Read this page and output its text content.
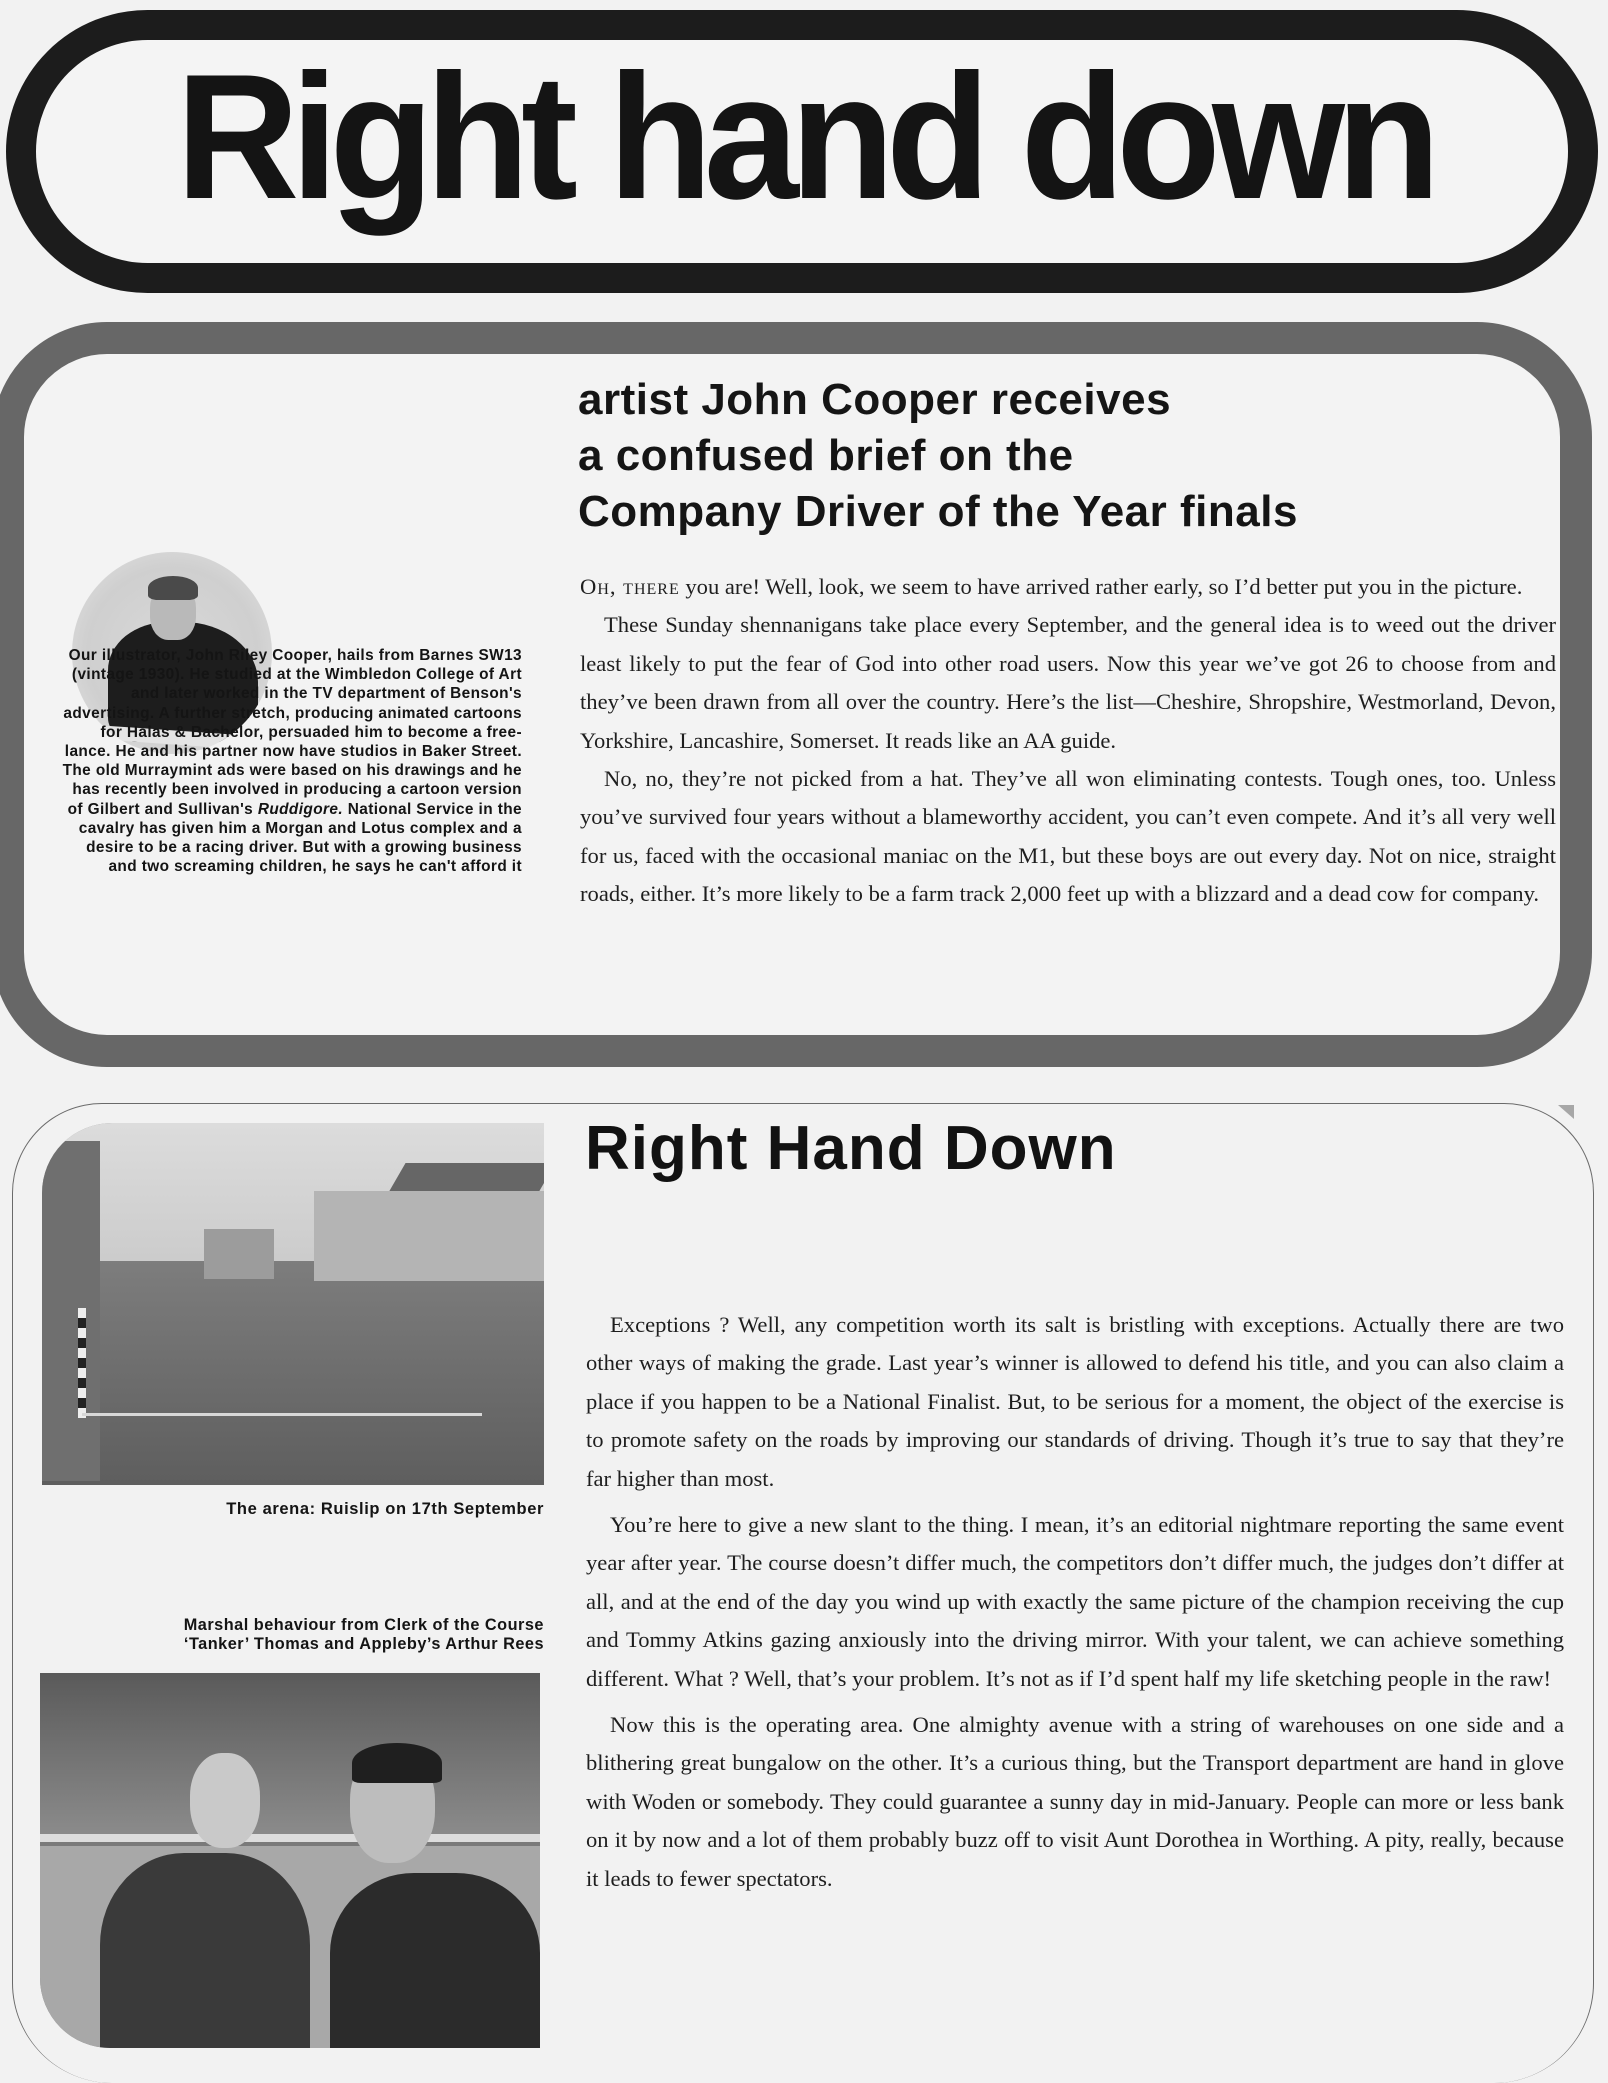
Right hand down
artist John Cooper receives
a confused brief on the
Company Driver of the Year finals
Our illustrator, John Riley Cooper, hails from Barnes SW13 (vintage 1930). He studied at the Wimbledon College of Art and later worked in the TV department of Benson's advertising. A further stretch, producing animated cartoons for Halas & Bachelor, persuaded him to become a free-lance. He and his partner now have studios in Baker Street. The old Murraymint ads were based on his drawings and he has recently been involved in producing a cartoon version of Gilbert and Sullivan's Ruddigore. National Service in the cavalry has given him a Morgan and Lotus complex and a desire to be a racing driver. But with a growing business and two screaming children, he says he can't afford it

Oh, there you are! Well, look, we seem to have arrived rather early, so I’d better put you in the picture.

These Sunday shennanigans take place every September, and the general idea is to weed out the driver least likely to put the fear of God into other road users. Now this year we’ve got 26 to choose from and they’ve been drawn from all over the country. Here’s the list—Cheshire, Shropshire, Westmorland, Devon, Yorkshire, Lancashire, Somerset. It reads like an AA guide.

No, no, they’re not picked from a hat. They’ve all won eliminating contests. Tough ones, too. Unless you’ve survived four years without a blameworthy accident, you can’t even compete. And it’s all very well for us, faced with the occasional maniac on the M1, but these boys are out every day. Not on nice, straight roads, either. It’s more likely to be a farm track 2,000 feet up with a blizzard and a dead cow for company.

Right Hand Down
The arena: Ruislip on 17th September
Marshal behaviour from Clerk of the Course
‘Tanker’ Thomas and Appleby’s Arthur Rees

Exceptions ? Well, any competition worth its salt is bristling with exceptions. Actually there are two other ways of making the grade. Last year’s winner is allowed to defend his title, and you can also claim a place if you happen to be a National Finalist. But, to be serious for a moment, the object of the exercise is to promote safety on the roads by improving our standards of driving. Though it’s true to say that they’re far higher than most.

You’re here to give a new slant to the thing. I mean, it’s an editorial nightmare reporting the same event year after year. The course doesn’t differ much, the competitors don’t differ much, the judges don’t differ at all, and at the end of the day you wind up with exactly the same picture of the champion receiving the cup and Tommy Atkins gazing anxiously into the driving mirror. With your talent, we can achieve something different. What ? Well, that’s your problem. It’s not as if I’d spent half my life sketching people in the raw!

Now this is the operating area. One almighty avenue with a string of warehouses on one side and a blithering great bungalow on the other. It’s a curious thing, but the Transport department are hand in glove with Woden or somebody. They could guarantee a sunny day in mid-January. People can more or less bank on it by now and a lot of them probably buzz off to visit Aunt Dorothea in Worthing. A pity, really, because it leads to fewer spectators.
